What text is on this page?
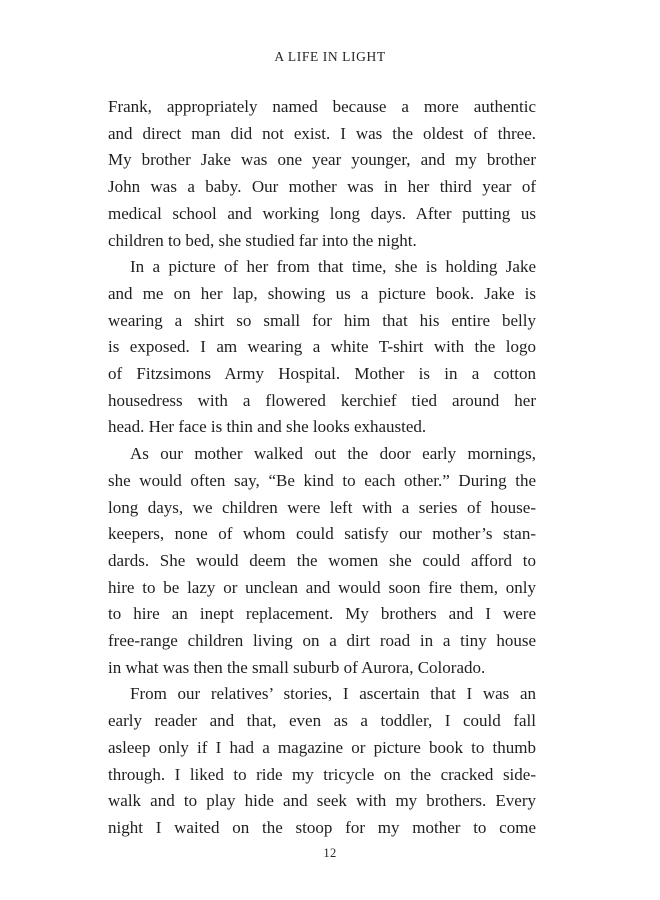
A LIFE IN LIGHT

Frank, appropriately named because a more authentic
and direct man did not exist. I was the oldest of three.
My brother Jake was one year younger, and my brother
John was a baby. Our mother was in her third year of
medical school and working long days. After putting us
children to bed, she studied far into the night.

In a picture of her from that time, she is holding Jake
and me on her lap, showing us a picture book. Jake is
wearing a shirt so small for him that his entire belly
is exposed. I am wearing a white T-shirt with the logo
of Fitzsimons Army Hospital. Mother is in a cotton
housedress with a flowered kerchief tied around her
head. Her face is thin and she looks exhausted.

As our mother walked out the door early mornings,
she would often say, “Be kind to each other.” During the
long days, we children were left with a series of house-
keepers, none of whom could satisfy our mother’s stan-
dards. She would deem the women she could afford to
hire to be lazy or unclean and would soon fire them, only
to hire an inept replacement. My brothers and I were
free-range children living on a dirt road in a tiny house
in what was then the small suburb of Aurora, Colorado.

From our relatives’ stories, I ascertain that I was an
early reader and that, even as a toddler, I could fall
asleep only if I had a magazine or picture book to thumb
through. I liked to ride my tricycle on the cracked side-
walk and to play hide and seek with my brothers. Every
night I waited on the stoop for my mother to come

12
